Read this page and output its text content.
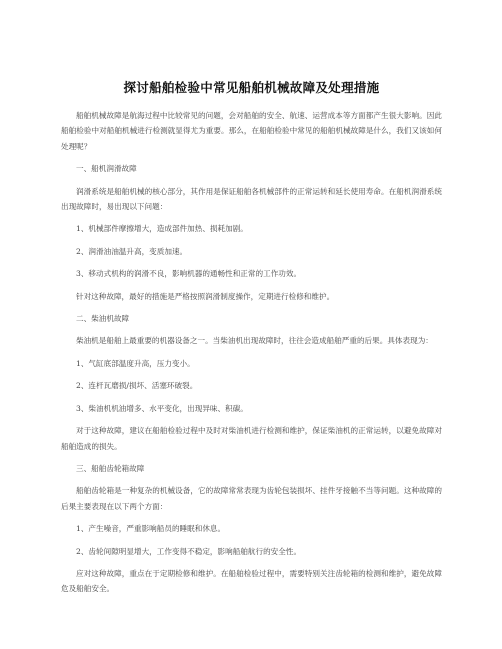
探讨船舶检验中常见船舶机械故障及处理措施

船舶机械故障是航海过程中比较常见的问题，会对船舶的安全、航速、运营成本等方面都产生很大影响。因此船舶检验中对船舶机械进行检测就显得尤为重要。那么，在船舶检验中常见的船舶机械故障是什么，我们又该如何处理呢？

一、船机润滑故障

润滑系统是船舶机械的核心部分，其作用是保证船舶各机械部件的正常运转和延长使用寿命。在船机润滑系统出现故障时，易出现以下问题：

1、机械部件摩擦增大，造成部件加热、损耗加剧。

2、润滑油油温升高，变质加速。

3、移动式机构的润滑不良，影响机器的通畅性和正常的工作功效。

针对这种故障，最好的措施是严格按照润滑制度操作，定期进行检修和维护。

二、柴油机故障

柴油机是船舶上最重要的机器设备之一。当柴油机出现故障时，往往会造成船舶严重的后果。具体表现为：

1、气缸底部温度升高，压力变小。

2、连杆瓦磨损/损坏、活塞环破裂。

3、柴油机机油增多、水平变化，出现异味、积碳。

对于这种故障，建议在船舶检验过程中及时对柴油机进行检测和维护，保证柴油机的正常运转，以避免故障对船舶造成的损失。

三、船舶齿轮箱故障

船舶齿轮箱是一种复杂的机械设备，它的故障常常表现为齿轮包装损坏、挂件牙接触不当等问题。这种故障的后果主要表现在以下两个方面：

1、产生噪音，严重影响船员的睡眠和休息。

2、齿轮间隙明显增大，工作变得不稳定，影响船舶航行的安全性。

应对这种故障，重点在于定期检修和维护。在船舶检验过程中，需要特别关注齿轮箱的检测和维护，避免故障危及船舶安全。
